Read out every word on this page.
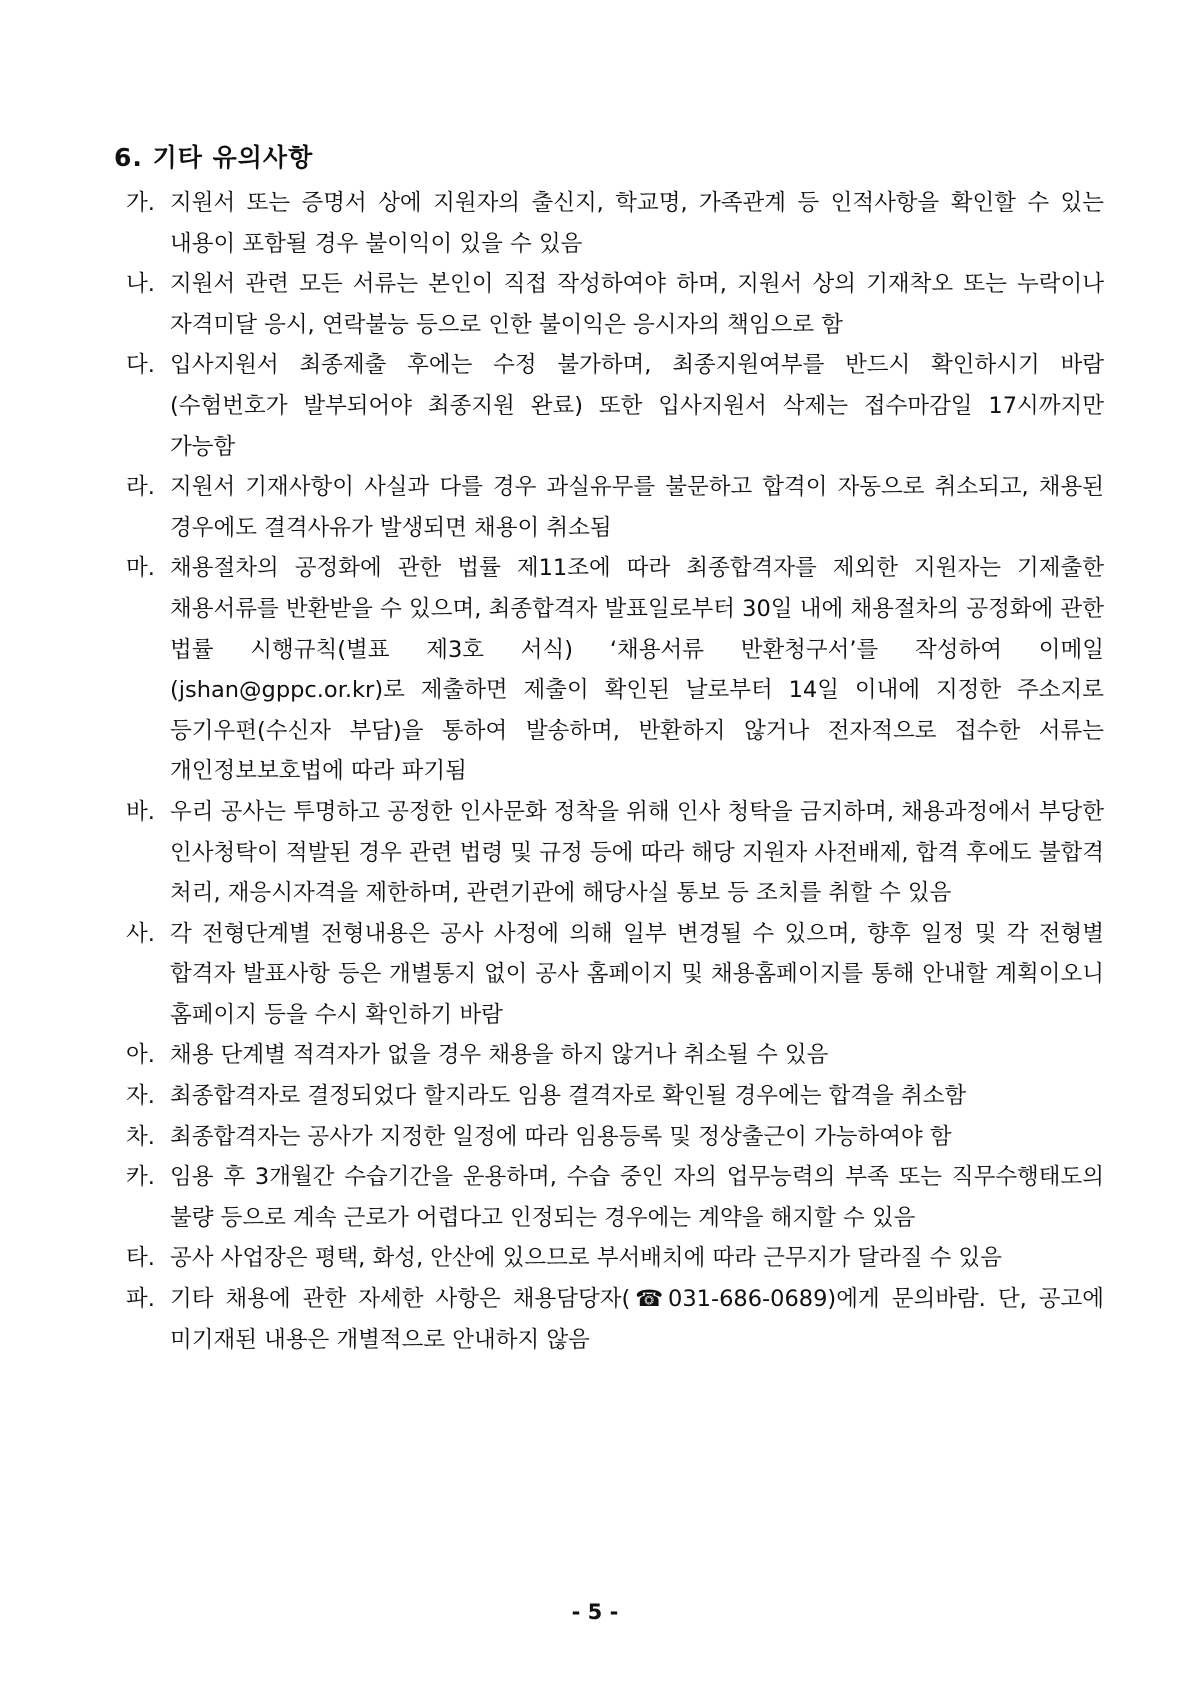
6. 기타 유의사항
가. 지원서 또는 증명서 상에 지원자의 출신지, 학교명, 가족관계 등 인적사항을 확인할 수 있는 내용이 포함될 경우 불이익이 있을 수 있음
나. 지원서 관련 모든 서류는 본인이 직접 작성하여야 하며, 지원서 상의 기재착오 또는 누락이나 자격미달 응시, 연락불능 등으로 인한 불이익은 응시자의 책임으로 함
다. 입사지원서 최종제출 후에는 수정 불가하며, 최종지원여부를 반드시 확인하시기 바람 (수험번호가 발부되어야 최종지원 완료) 또한 입사지원서 삭제는 접수마감일 17시까지만 가능함
라. 지원서 기재사항이 사실과 다를 경우 과실유무를 불문하고 합격이 자동으로 취소되고, 채용된 경우에도 결격사유가 발생되면 채용이 취소됨
마. 채용절차의 공정화에 관한 법률 제11조에 따라 최종합격자를 제외한 지원자는 기제출한 채용서류를 반환받을 수 있으며, 최종합격자 발표일로부터 30일 내에 채용절차의 공정화에 관한 법률 시행규칙(별표 제3호 서식) ‘채용서류 반환청구서’를 작성하여 이메일(jshan@gppc.or.kr)로 제출하면 제출이 확인된 날로부터 14일 이내에 지정한 주소지로 등기우편(수신자 부담)을 통하여 발송하며, 반환하지 않거나 전자적으로 접수한 서류는 개인정보보호법에 따라 파기됨
바. 우리 공사는 투명하고 공정한 인사문화 정착을 위해 인사 청탁을 금지하며, 채용과정에서 부당한 인사청탁이 적발된 경우 관련 법령 및 규정 등에 따라 해당 지원자 사전배제, 합격 후에도 불합격 처리, 재응시자격을 제한하며, 관련기관에 해당사실 통보 등 조치를 취할 수 있음
사. 각 전형단계별 전형내용은 공사 사정에 의해 일부 변경될 수 있으며, 향후 일정 및 각 전형별 합격자 발표사항 등은 개별통지 없이 공사 홈페이지 및 채용홈페이지를 통해 안내할 계획이오니 홈페이지 등을 수시 확인하기 바람
아. 채용 단계별 적격자가 없을 경우 채용을 하지 않거나 취소될 수 있음
자. 최종합격자로 결정되었다 할지라도 임용 결격자로 확인될 경우에는 합격을 취소함
차. 최종합격자는 공사가 지정한 일정에 따라 임용등록 및 정상출근이 가능하여야 함
카. 임용 후 3개월간 수습기간을 운용하며, 수습 중인 자의 업무능력의 부족 또는 직무수행태도의 불량 등으로 계속 근로가 어렵다고 인정되는 경우에는 계약을 해지할 수 있음
타. 공사 사업장은 평택, 화성, 안산에 있으므로 부서배치에 따라 근무지가 달라질 수 있음
파. 기타 채용에 관한 자세한 사항은 채용담당자(☎031-686-0689)에게 문의바람. 단, 공고에 미기재된 내용은 개별적으로 안내하지 않음
- 5 -
